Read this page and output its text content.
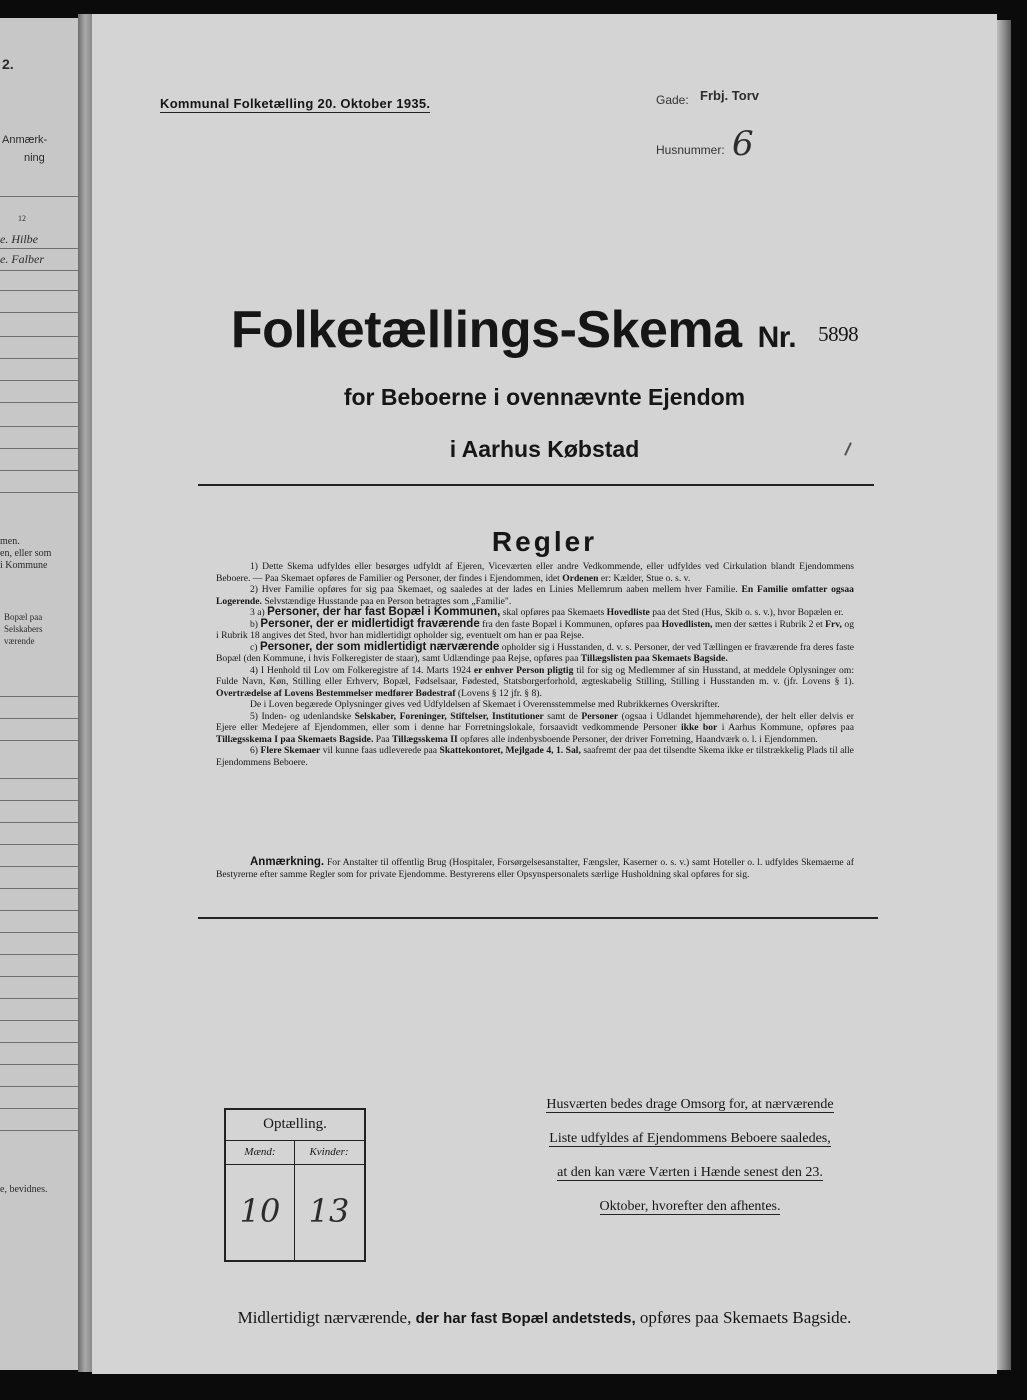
2.
Anmærk-
ning
12
e. Hilbe
e. Falber
men.
en, eller som
i Kommune
Bopæl paa
Selskabers
værende
e, bevidnes.
Kommunal Folketælling 20. Oktober 1935.	Gade: Frbj. Torv
Husnummer: 6
Folketællings-Skema Nr. 5898
for Beboerne i ovennævnte Ejendom
i Aarhus Købstad
Regler

1) Dette Skema udfyldes eller besørges udfyldt af Ejeren, Viceværten eller andre Vedkommende, eller udfyldes ved Cirkulation blandt Ejendommens Beboere. — Paa Skemaet opføres de Familier og Personer, der findes i Ejendommen, idet Ordenen er: Kælder, Stue o. s. v.

2) Hver Familie opføres for sig paa Skemaet, og saaledes at der lades en Linies Mellemrum aaben mellem hver Familie. En Familie omfatter ogsaa Logerende. Selvstændige Husstande paa en Person betragtes som „Familie".

3 a) Personer, der har fast Bopæl i Kommunen, skal opføres paa Skemaets Hovedliste paa det Sted (Hus, Skib o. s. v.), hvor Bopælen er.

b) Personer, der er midlertidigt fraværende fra den faste Bopæl i Kommunen, opføres paa Hovedlisten, men der sættes i Rubrik 2 et Frv, og i Rubrik 18 angives det Sted, hvor han midlertidigt opholder sig, eventuelt om han er paa Rejse.

c) Personer, der som midlertidigt nærværende opholder sig i Husstanden, d. v. s. Personer, der ved Tællingen er fraværende fra deres faste Bopæl (den Kommune, i hvis Folkeregister de staar), samt Udlændinge paa Rejse, opføres paa Tillægslisten paa Skemaets Bagside.

4) I Henhold til Lov om Folkeregistre af 14. Marts 1924 er enhver Person pligtig til for sig og Medlemmer af sin Husstand, at meddele Oplysninger om: Fulde Navn, Køn, Stilling eller Erhverv, Bopæl, Fødselsaar, Fødested, Statsborgerforhold, ægteskabelig Stilling, Stilling i Husstanden m. v. (jfr. Lovens § 1). Overtrædelse af Lovens Bestemmelser medfører Bødestraf (Lovens § 12 jfr. § 8).

De i Loven begærede Oplysninger gives ved Udfyldelsen af Skemaet i Overensstemmelse med Rubrikkernes Overskrifter.

5) Inden- og udenlandske Selskaber, Foreninger, Stiftelser, Institutioner samt de Personer (ogsaa i Udlandet hjemmehørende), der helt eller delvis er Ejere eller Medejere af Ejendommen, eller som i denne har Forretningslokale, forsaavidt vedkommende Personer ikke bor i Aarhus Kommune, opføres paa Tillægsskema I paa Skemaets Bagside. Paa Tillægsskema II opføres alle indenbysboende Personer, der driver Forretning, Haandværk o. l. i Ejendommen.

6) Flere Skemaer vil kunne faas udleverede paa Skattekontoret, Mejlgade 4, 1. Sal, saafremt der paa det tilsendte Skema ikke er tilstrækkelig Plads til alle Ejendommens Beboere.

Anmærkning. For Anstalter til offentlig Brug (Hospitaler, Forsørgelsesanstalter, Fængsler, Kaserner o. s. v.) samt Hoteller o. l. udfyldes Skemaerne af Bestyrerne efter samme Regler som for private Ejendomme. Bestyrerens eller Opsynspersonalets særlige Husholdning skal opføres for sig.

Optælling.
Mænd:	Kvinder:
10 13
Husværten bedes drage Omsorg for, at nærværende
Liste udfyldes af Ejendommens Beboere saaledes,
at den kan være Værten i Hænde senest den 23.
Oktober, hvorefter den afhentes.
Midlertidigt nærværende, der har fast Bopæl andetsteds, opføres paa Skemaets Bagside.
